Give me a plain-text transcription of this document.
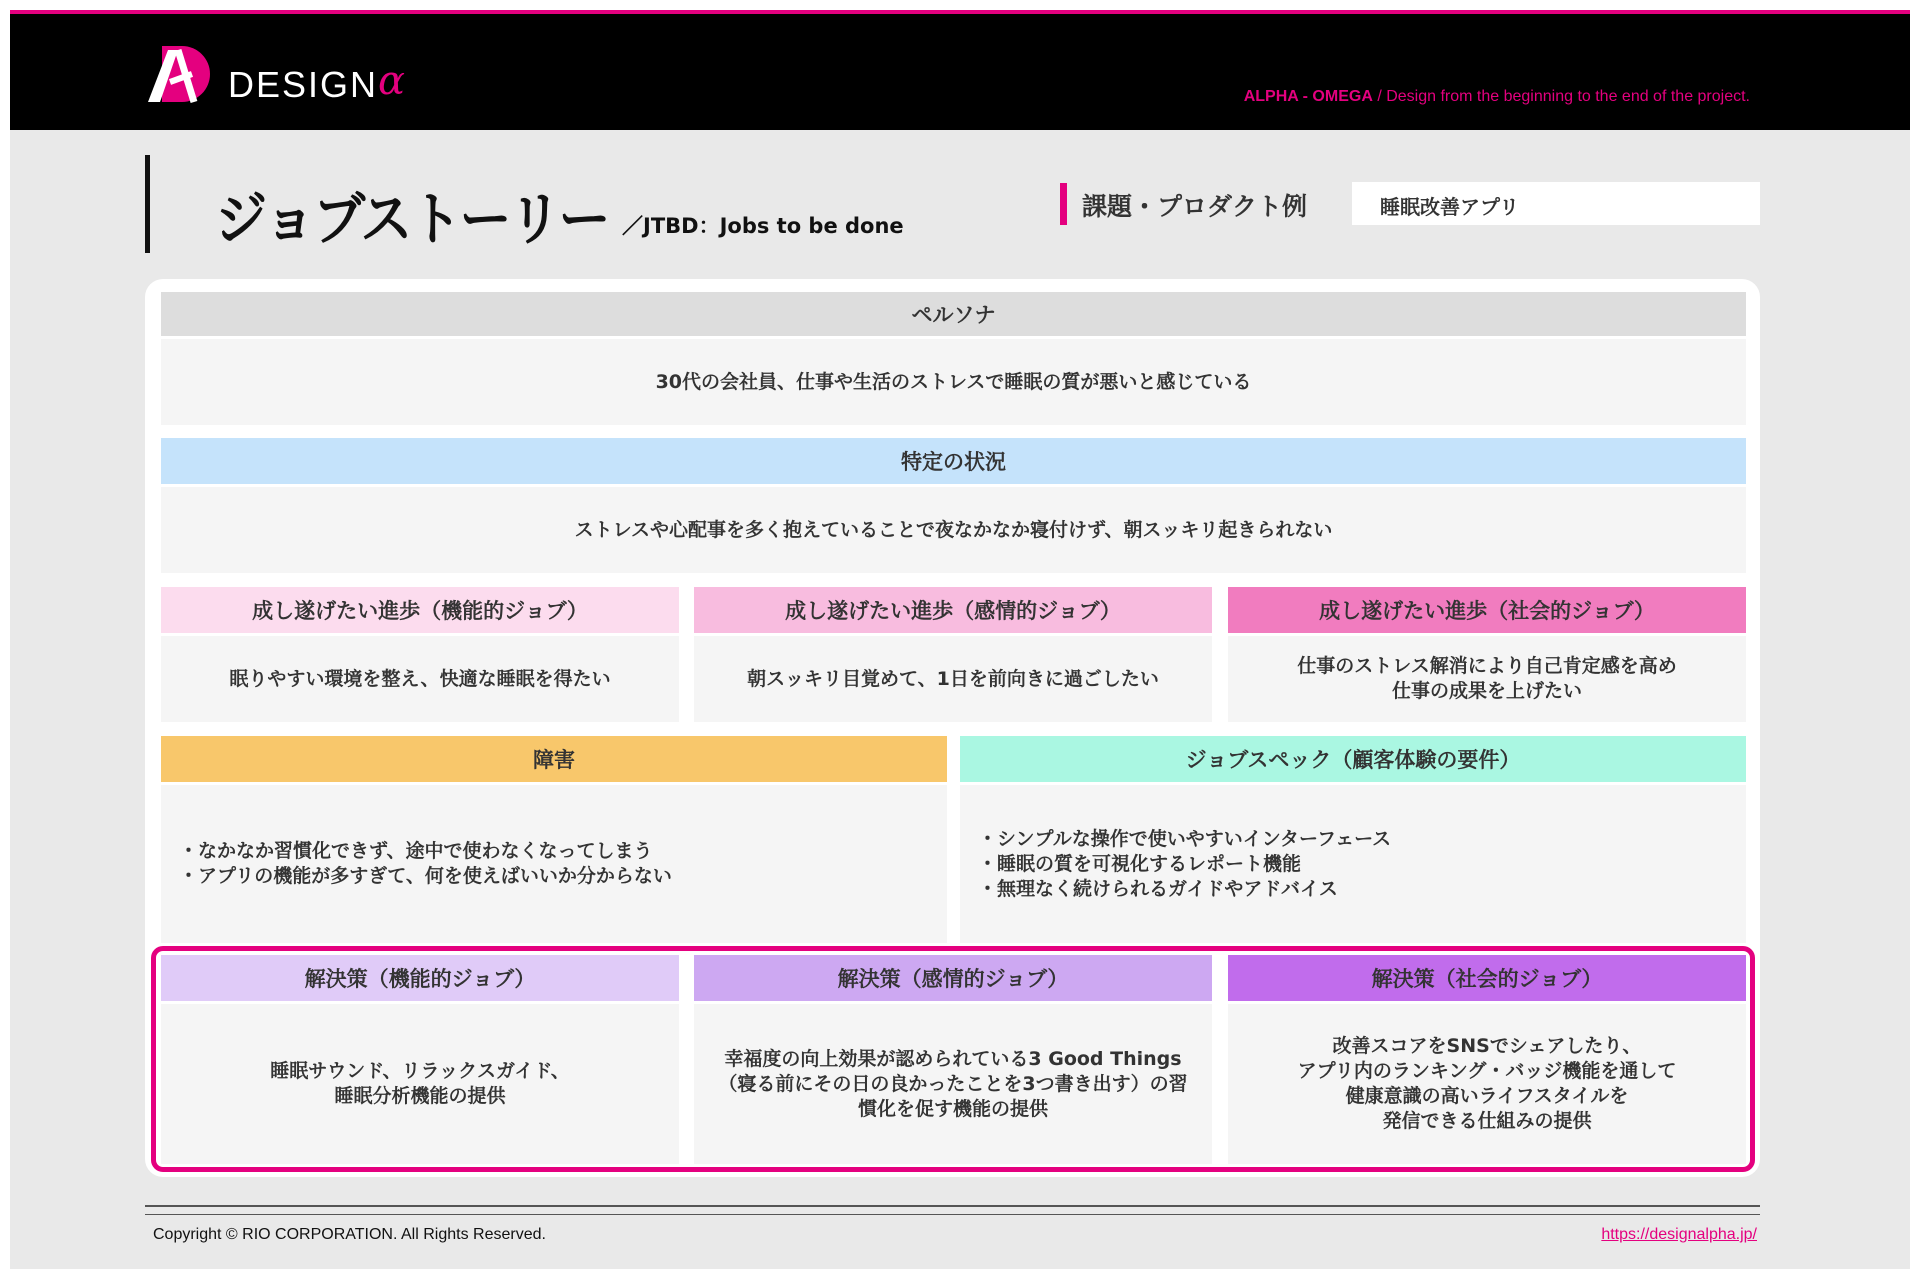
DESIGN α	ALPHA - OMEGA / Design from the beginning to the end of the project.
ジョブストーリー ／JTBD：Jobs to be done
課題・プロダクト例	睡眠改善アプリ
ペルソナ
30代の会社員、仕事や生活のストレスで睡眠の質が悪いと感じている
特定の状況
ストレスや心配事を多く抱えていることで夜なかなか寝付けず、朝スッキリ起きられない
成し遂げたい進歩（機能的ジョブ）
眠りやすい環境を整え、快適な睡眠を得たい
成し遂げたい進歩（感情的ジョブ）
朝スッキリ目覚めて、1日を前向きに過ごしたい
成し遂げたい進歩（社会的ジョブ）
仕事のストレス解消により自己肯定感を高め
仕事の成果を上げたい
障害
・なかなか習慣化できず、途中で使わなくなってしまう
・アプリの機能が多すぎて、何を使えばいいか分からない
ジョブスペック（顧客体験の要件）
・シンプルな操作で使いやすいインターフェース
・睡眠の質を可視化するレポート機能
・無理なく続けられるガイドやアドバイス
解決策（機能的ジョブ）
睡眠サウンド、リラックスガイド、
睡眠分析機能の提供
解決策（感情的ジョブ）
幸福度の向上効果が認められている3 Good Things
（寝る前にその日の良かったことを3つ書き出す）の習
慣化を促す機能の提供
解決策（社会的ジョブ）
改善スコアをSNSでシェアしたり、
アプリ内のランキング・バッジ機能を通して
健康意識の高いライフスタイルを
発信できる仕組みの提供
Copyright © RIO CORPORATION. All Rights Reserved.	https://designalpha.jp/
